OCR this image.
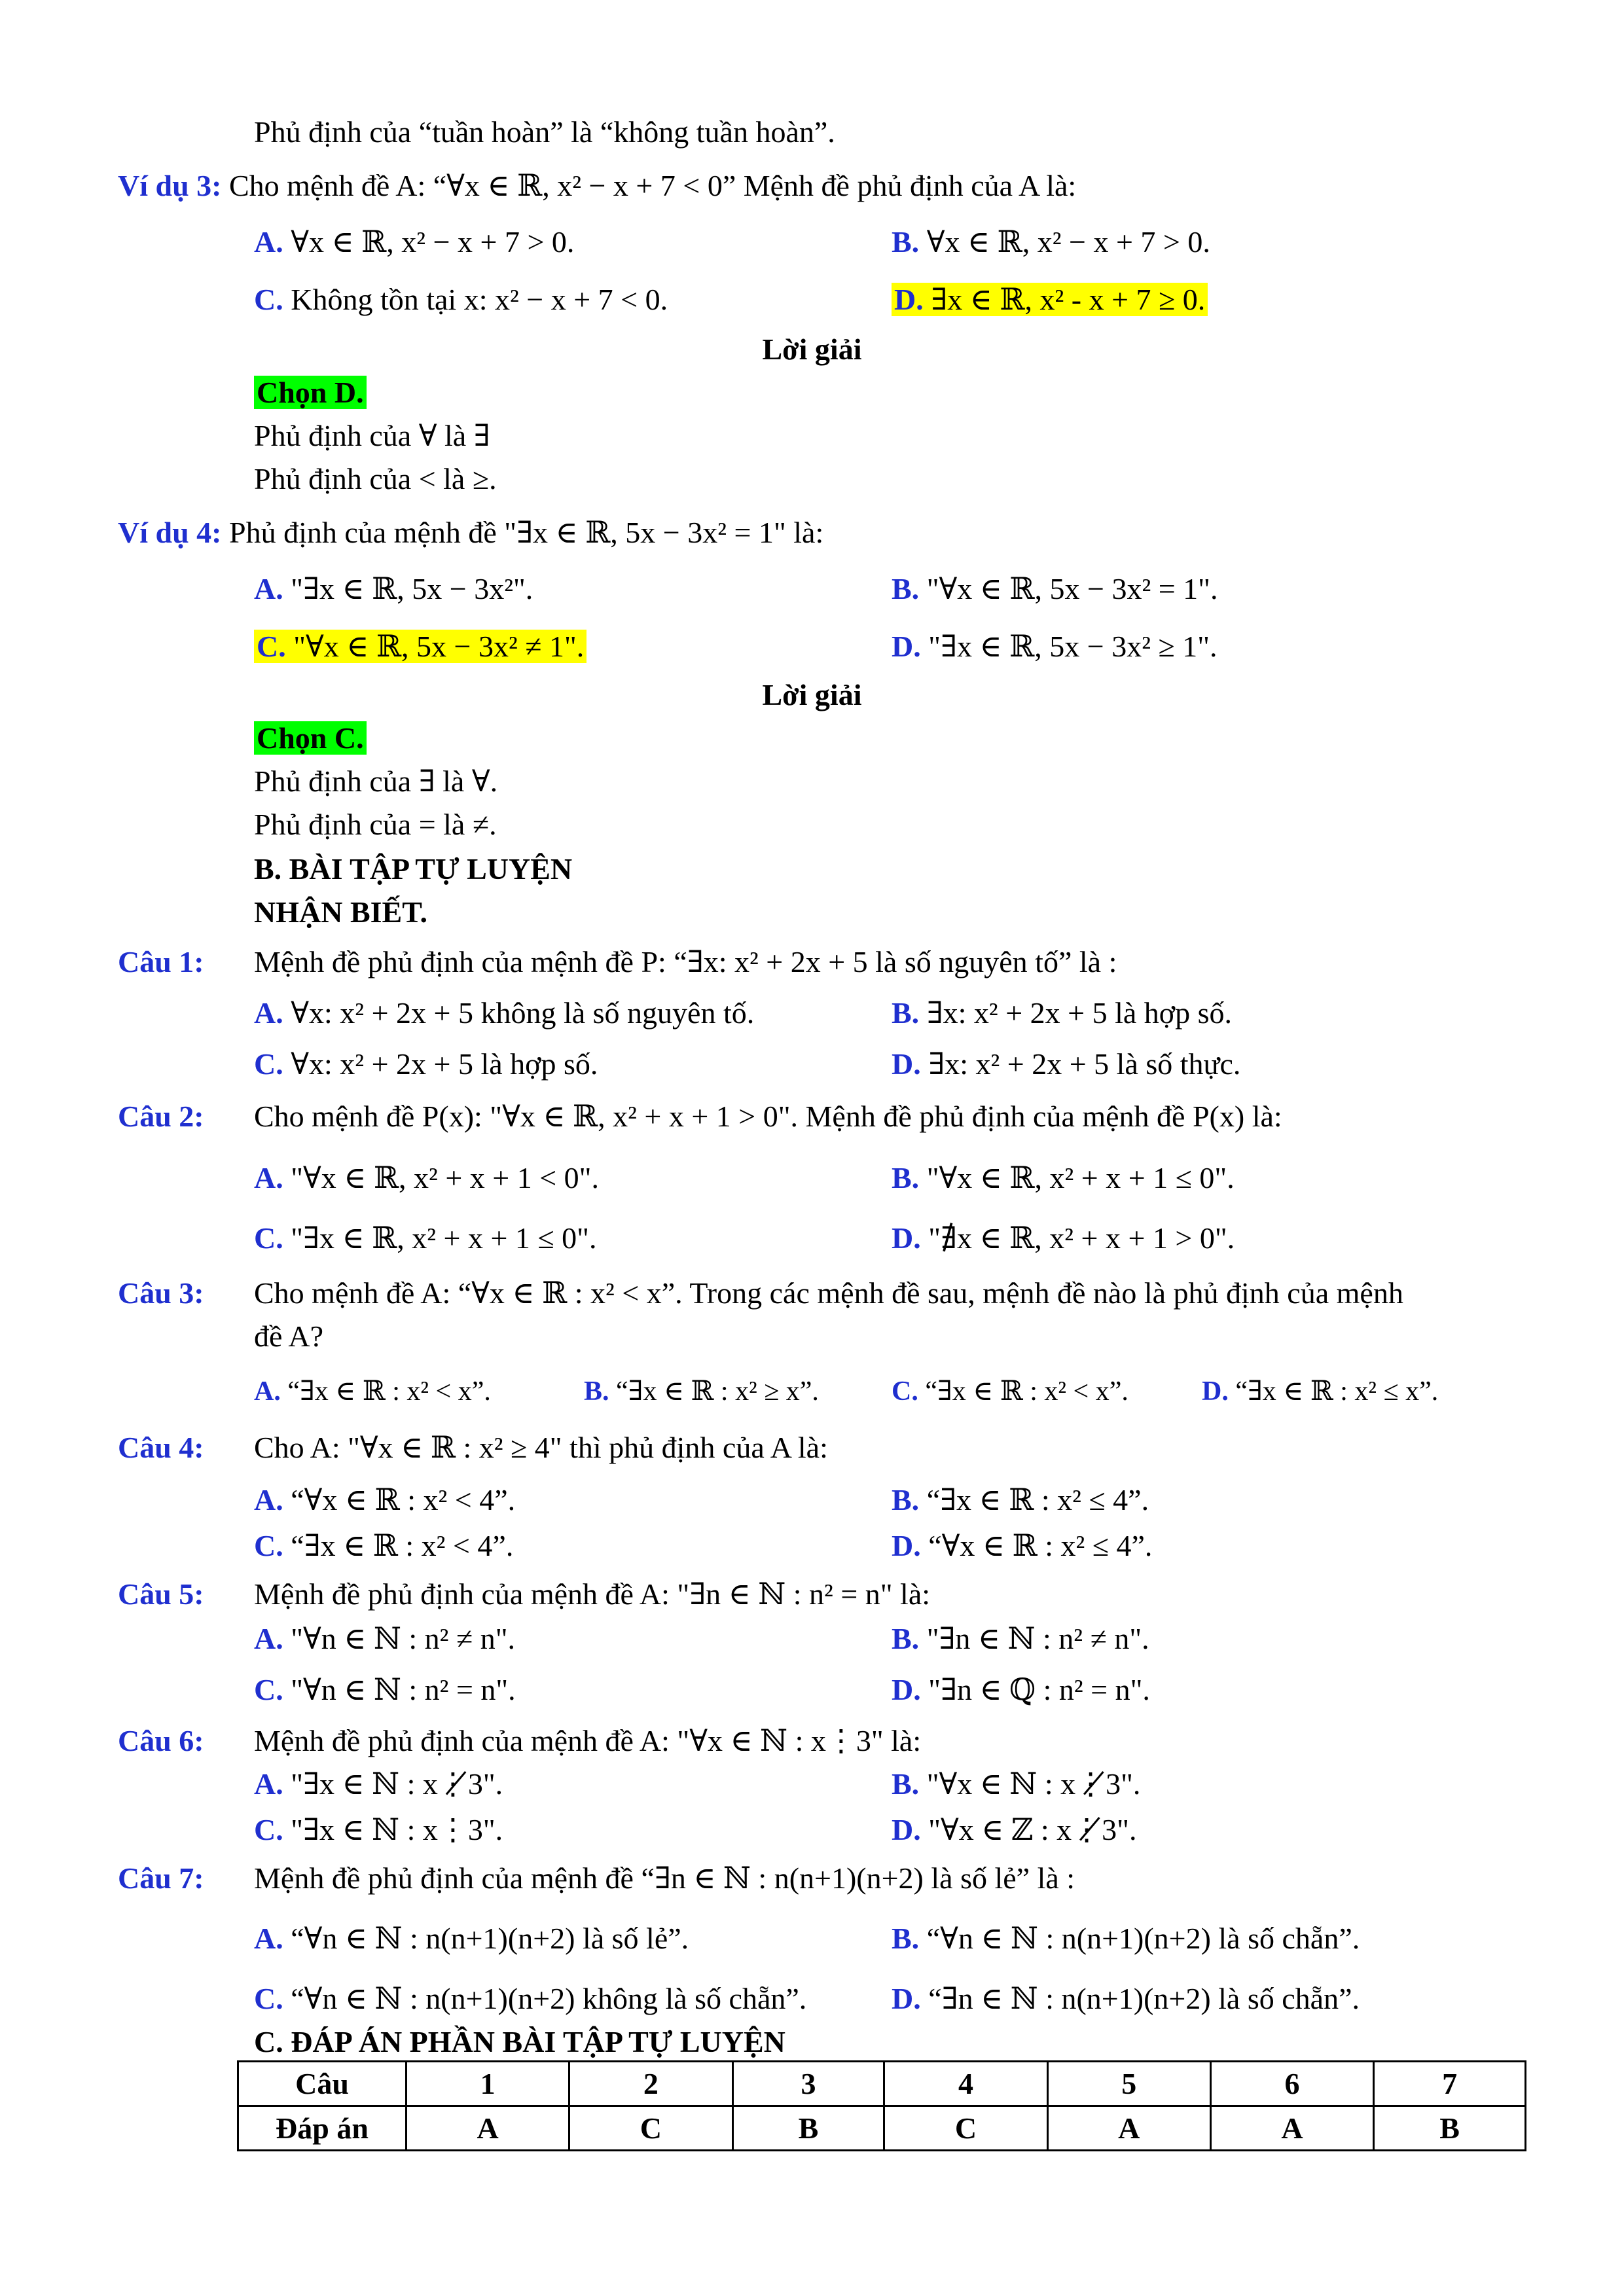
Phủ định của “tuần hoàn” là “không tuần hoàn”.
Ví dụ 3: Cho mệnh đề A: “∀x ∈ ℝ, x² − x + 7 < 0” Mệnh đề phủ định của A là:
A. ∀x ∈ ℝ, x² − x + 7 > 0.	B. ∀x ∈ ℝ, x² − x + 7 > 0.
C. Không tồn tại x: x² − x + 7 < 0.	D. ∃x ∈ ℝ, x² - x + 7 ≥ 0.
Lời giải
Chọn D.
Phủ định của ∀ là ∃
Phủ định của < là ≥.
Ví dụ 4: Phủ định của mệnh đề "∃x ∈ ℝ, 5x − 3x² = 1" là:
A. "∃x ∈ ℝ, 5x − 3x²".	B. "∀x ∈ ℝ, 5x − 3x² = 1".
C. "∀x ∈ ℝ, 5x − 3x² ≠ 1".	D. "∃x ∈ ℝ, 5x − 3x² ≥ 1".
Lời giải
Chọn C.
Phủ định của ∃ là ∀.
Phủ định của = là ≠.
B. BÀI TẬP TỰ LUYỆN
NHẬN BIẾT.
Câu 1: Mệnh đề phủ định của mệnh đề P: “∃x: x² + 2x + 5 là số nguyên tố” là :
A. ∀x: x² + 2x + 5 không là số nguyên tố.	B. ∃x: x² + 2x + 5 là hợp số.
C. ∀x: x² + 2x + 5 là hợp số.	D. ∃x: x² + 2x + 5 là số thực.
Câu 2: Cho mệnh đề P(x): "∀x ∈ ℝ, x² + x + 1 > 0". Mệnh đề phủ định của mệnh đề P(x) là:
A. "∀x ∈ ℝ, x² + x + 1 < 0".	B. "∀x ∈ ℝ, x² + x + 1 ≤ 0".
C. "∃x ∈ ℝ, x² + x + 1 ≤ 0".	D. "∄x ∈ ℝ, x² + x + 1 > 0".
Câu 3: Cho mệnh đề A: “∀x ∈ ℝ : x² < x”. Trong các mệnh đề sau, mệnh đề nào là phủ định của mệnh
đề A?
A. “∃x ∈ ℝ : x² < x”.	B. “∃x ∈ ℝ : x² ≥ x”.	C. “∃x ∈ ℝ : x² < x”.	D. “∃x ∈ ℝ : x² ≤ x”.
Câu 4: Cho A: "∀x ∈ ℝ : x² ≥ 4" thì phủ định của A là:
A. “∀x ∈ ℝ : x² < 4”.	B. “∃x ∈ ℝ : x² ≤ 4”.
C. “∃x ∈ ℝ : x² < 4”.	D. “∀x ∈ ℝ : x² ≤ 4”.
Câu 5: Mệnh đề phủ định của mệnh đề A: "∃n ∈ ℕ : n² = n" là:
A. "∀n ∈ ℕ : n² ≠ n".	B. "∃n ∈ ℕ : n² ≠ n".
C. "∀n ∈ ℕ : n² = n".	D. "∃n ∈ ℚ : n² = n".
Câu 6: Mệnh đề phủ định của mệnh đề A: "∀x ∈ ℕ : x⋮3" là:
A. "∃x ∈ ℕ : x⋮̸3".	B. "∀x ∈ ℕ : x⋮̸3".
C. "∃x ∈ ℕ : x⋮3".	D. "∀x ∈ ℤ : x⋮̸3".
Câu 7: Mệnh đề phủ định của mệnh đề “∃n ∈ ℕ : n(n+1)(n+2) là số lẻ” là :
A. “∀n ∈ ℕ : n(n+1)(n+2) là số lẻ”.	B. “∀n ∈ ℕ : n(n+1)(n+2) là số chẵn”.
C. “∀n ∈ ℕ : n(n+1)(n+2) không là số chẵn”.	D. “∃n ∈ ℕ : n(n+1)(n+2) là số chẵn”.
C. ĐÁP ÁN PHẦN BÀI TẬP TỰ LUYỆN
Câu	1	2	3	4	5	6	7
Đáp án	A	C	B	C	A	A	B
